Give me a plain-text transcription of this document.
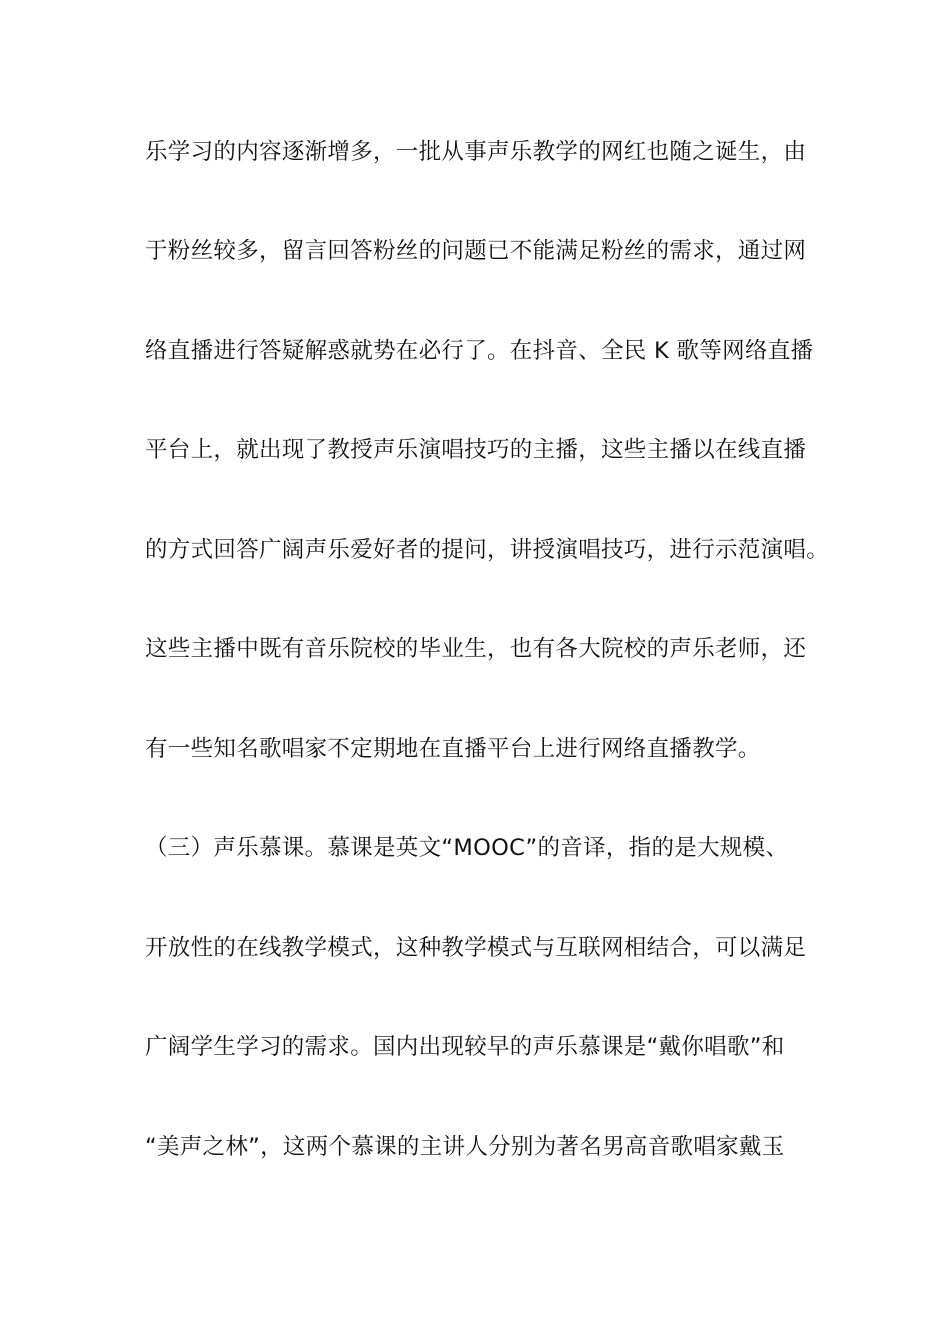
乐学习的内容逐渐增多，一批从事声乐教学的网红也随之诞生，由
于粉丝较多，留言回答粉丝的问题已不能满足粉丝的需求，通过网
络直播进行答疑解惑就势在必行了。在抖音、全民 K 歌等网络直播
平台上，就出现了教授声乐演唱技巧的主播，这些主播以在线直播
的方式回答广阔声乐爱好者的提问，讲授演唱技巧，进行示范演唱。
这些主播中既有音乐院校的毕业生，也有各大院校的声乐老师，还
有一些知名歌唱家不定期地在直播平台上进行网络直播教学。
（三）声乐慕课。慕课是英文“MOOC”的音译，指的是大规模、
开放性的在线教学模式，这种教学模式与互联网相结合，可以满足
广阔学生学习的需求。国内出现较早的声乐慕课是“戴你唱歌”和
“美声之林”，这两个慕课的主讲人分别为著名男高音歌唱家戴玉
